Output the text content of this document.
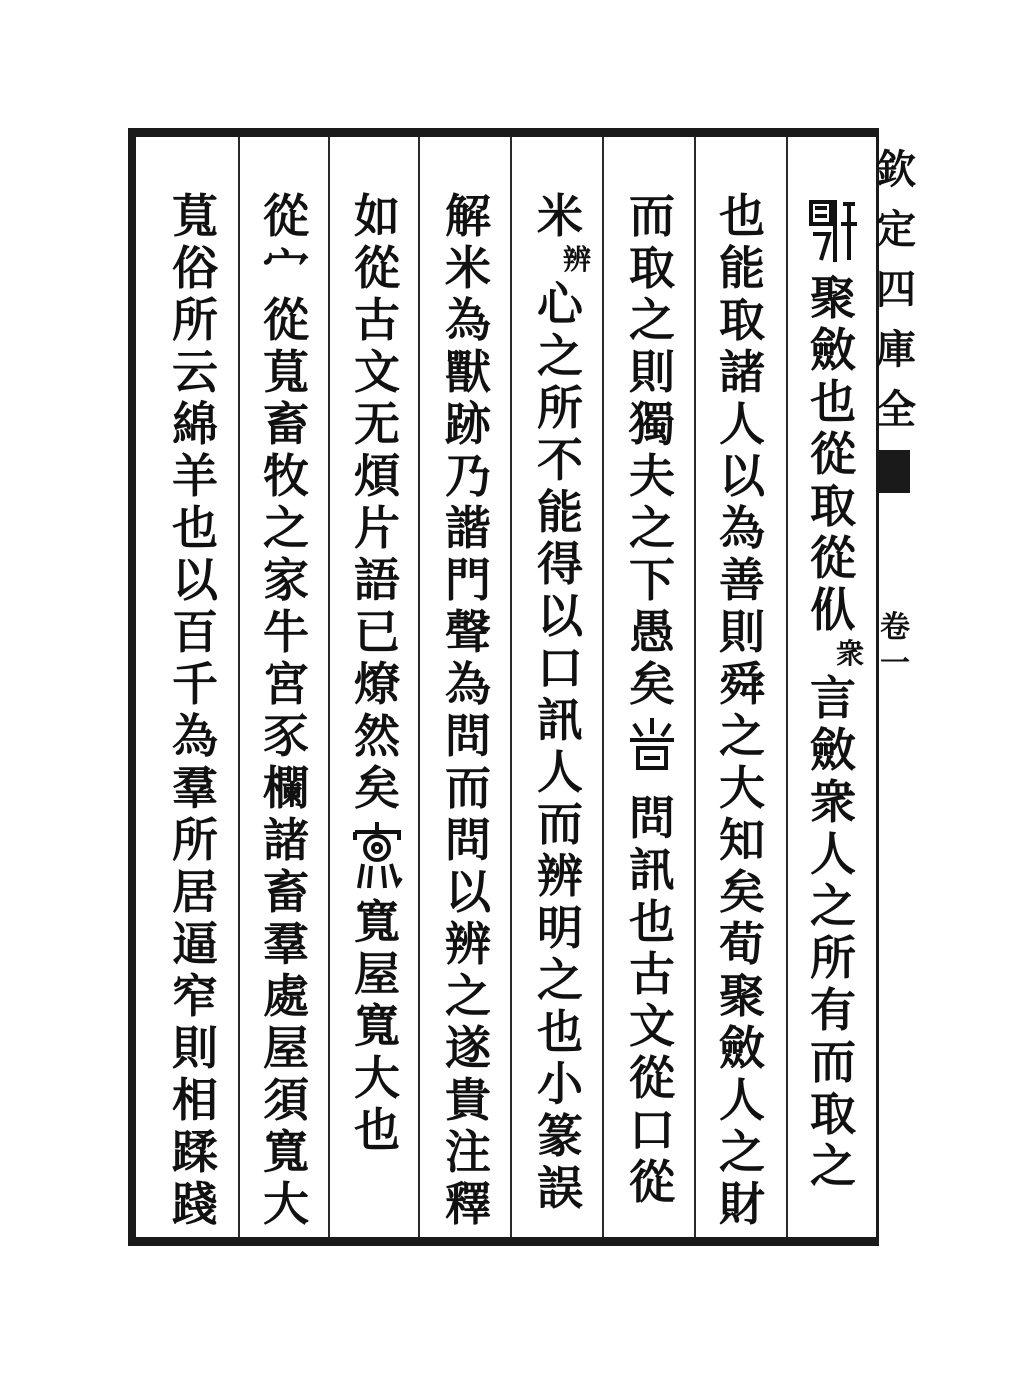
欽
定
四
庫
全
卷
一
聚
斂
也
從
取
從
㐺
衆
言
斂
衆
人
之
所
有
而
取
之
也
能
取
諸
人
以
為
善
則
舜
之
大
知
矣
荀
聚
斂
人
之
財
而
取
之
則
獨
夫
之
下
愚
矣
問
訊
也
古
文
從
口
從
米
辨
心
之
所
不
能
得
以
口
訊
人
而
辨
明
之
也
小
篆
誤
解
米
為
獸
跡
乃
諧
門
聲
為
問
而
問
以
辨
之
遂
貴
注
釋
如
從
古
文
无
煩
片
語
已
燎
然
矣
寬
屋
寬
大
也
從
宀
從
萈
畜
牧
之
家
牛
宮
豕
欄
諸
畜
羣
處
屋
須
寬
大
萈
俗
所
云
綿
羊
也
以
百
千
為
羣
所
居
逼
窄
則
相
蹂
踐
